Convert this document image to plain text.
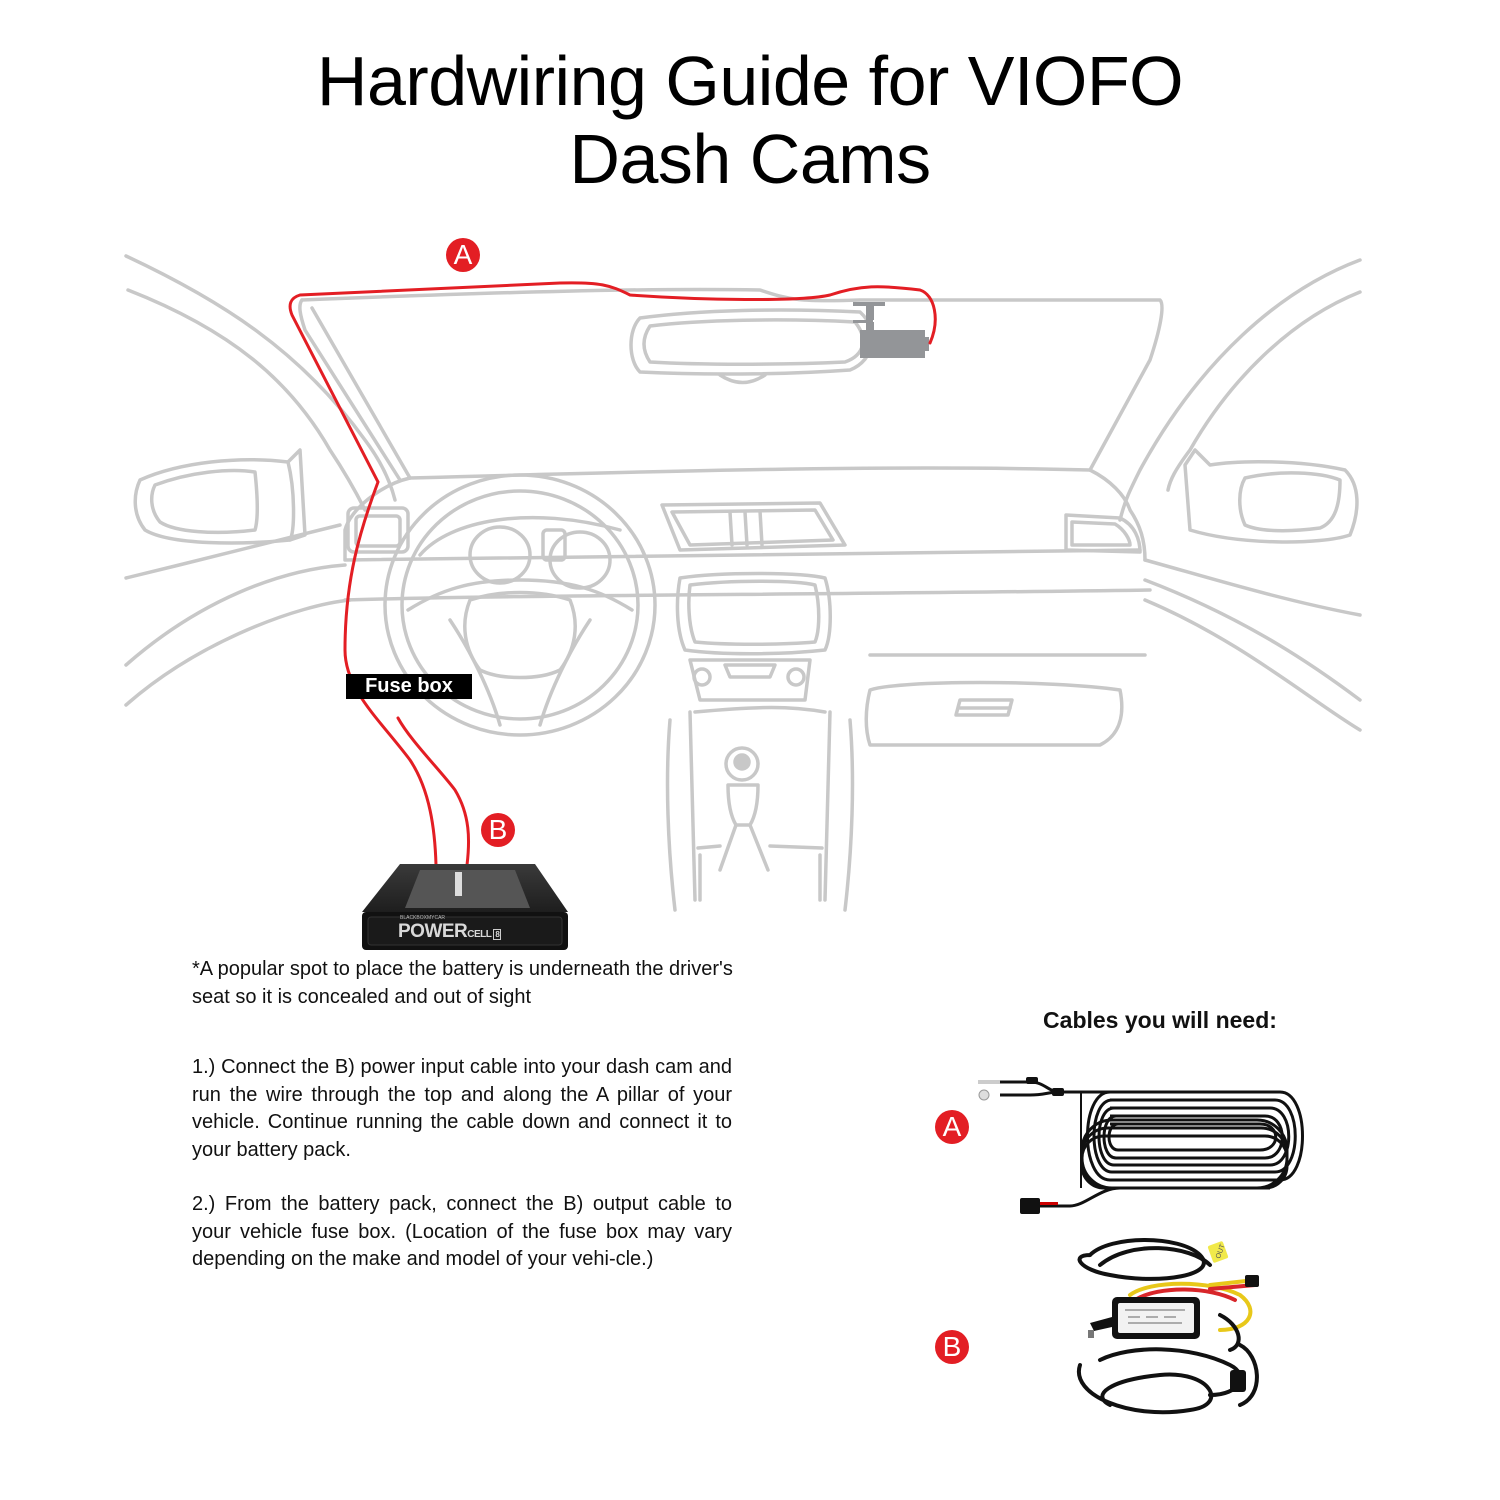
Hardwiring Guide for VIOFO
Dash Cams
A
B
Fuse box
BLACKBOXMYCAR
POWERCELL 8
*A popular spot to place the battery is underneath the driver's seat so it is concealed and out of sight

1.) Connect the B) power input cable into your dash cam and run the wire through the top and along the A pillar of your vehicle. Continue running the cable down and connect it to your battery pack.

2.) From the battery pack, connect the B) output cable to your vehicle fuse box. (Location of the fuse box may vary depending on the make and model of your vehi-cle.)

Cables you will need:
A
B
OUT
